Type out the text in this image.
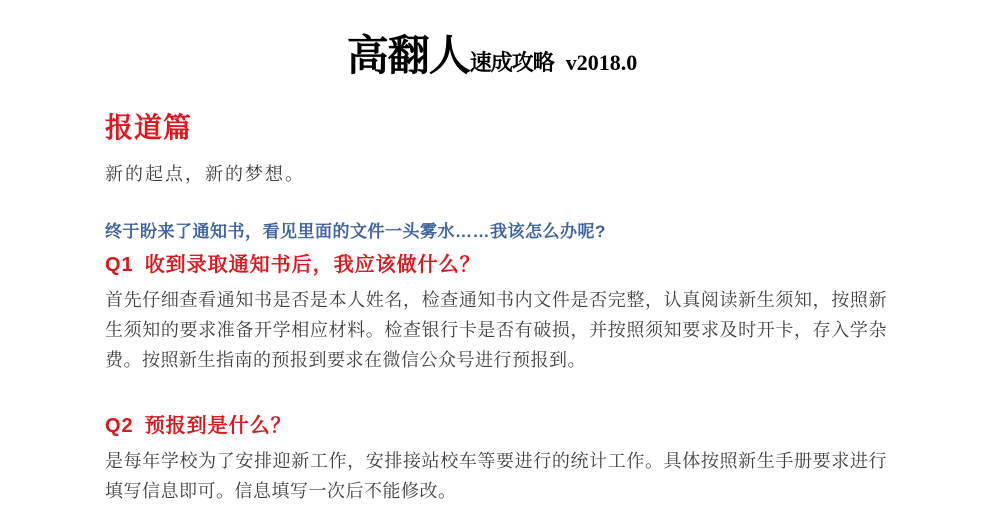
高翻人 速成攻略 v2018.0
报道篇

新的起点，新的梦想。

终于盼来了通知书，看见里面的文件一头雾水……我该怎么办呢?

Q1 收到录取通知书后，我应该做什么？

首先仔细查看通知书是否是本人姓名，检查通知书内文件是否完整，认真阅读新生须知，按照新生须知的要求准备开学相应材料。检查银行卡是否有破损，并按照须知要求及时开卡，存入学杂费。按照新生指南的预报到要求在微信公众号进行预报到。

Q2 预报到是什么？

是每年学校为了安排迎新工作，安排接站校车等要进行的统计工作。具体按照新生手册要求进行填写信息即可。信息填写一次后不能修改。
